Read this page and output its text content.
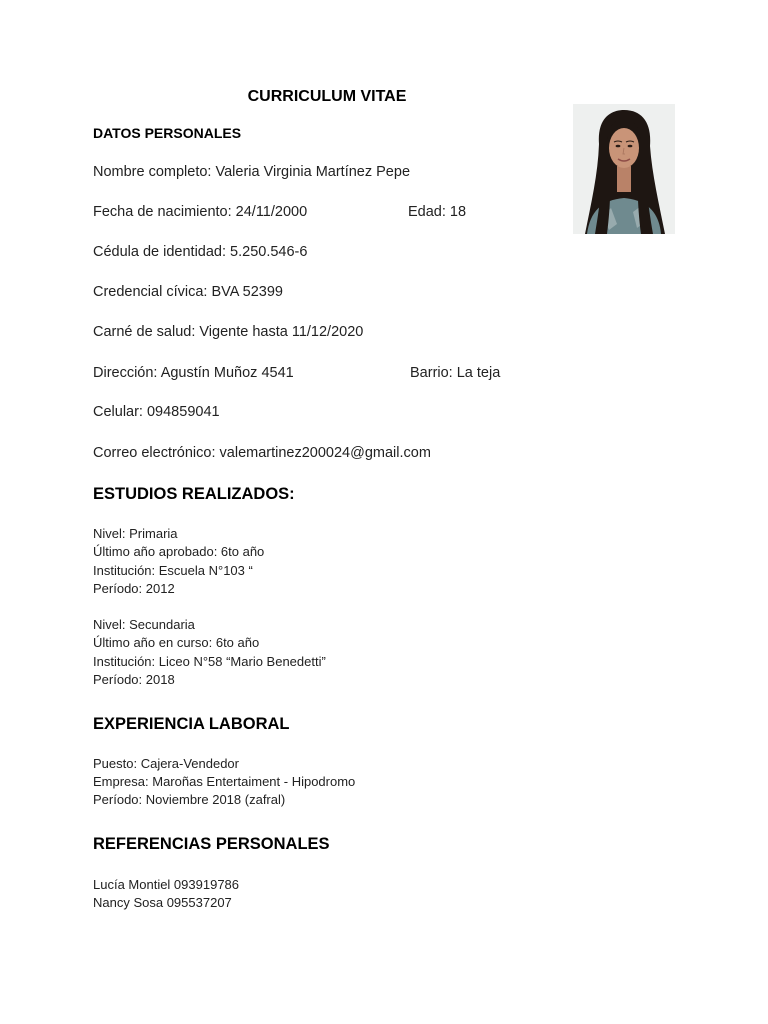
CURRICULUM VITAE
DATOS PERSONALES
Nombre completo: Valeria Virginia Martínez Pepe
Fecha de nacimiento: 24/11/2000	Edad: 18
Cédula de identidad: 5.250.546-6
Credencial cívica: BVA 52399
Carné de salud: Vigente hasta 11/12/2020
Dirección: Agustín Muñoz 4541	Barrio: La teja
Celular: 094859041
Correo electrónico: valemartinez200024@gmail.com
ESTUDIOS REALIZADOS:
Nivel: Primaria
Último año aprobado: 6to año
Institución: Escuela N°103 “
Período: 2012
Nivel: Secundaria
Último año en curso: 6to año
Institución: Liceo N°58 “Mario Benedetti”
Período: 2018
EXPERIENCIA LABORAL
Puesto: Cajera-Vendedor
Empresa: Maroñas Entertaiment - Hipodromo
Período: Noviembre 2018 (zafral)
REFERENCIAS PERSONALES
Lucía Montiel 093919786
Nancy Sosa 095537207
